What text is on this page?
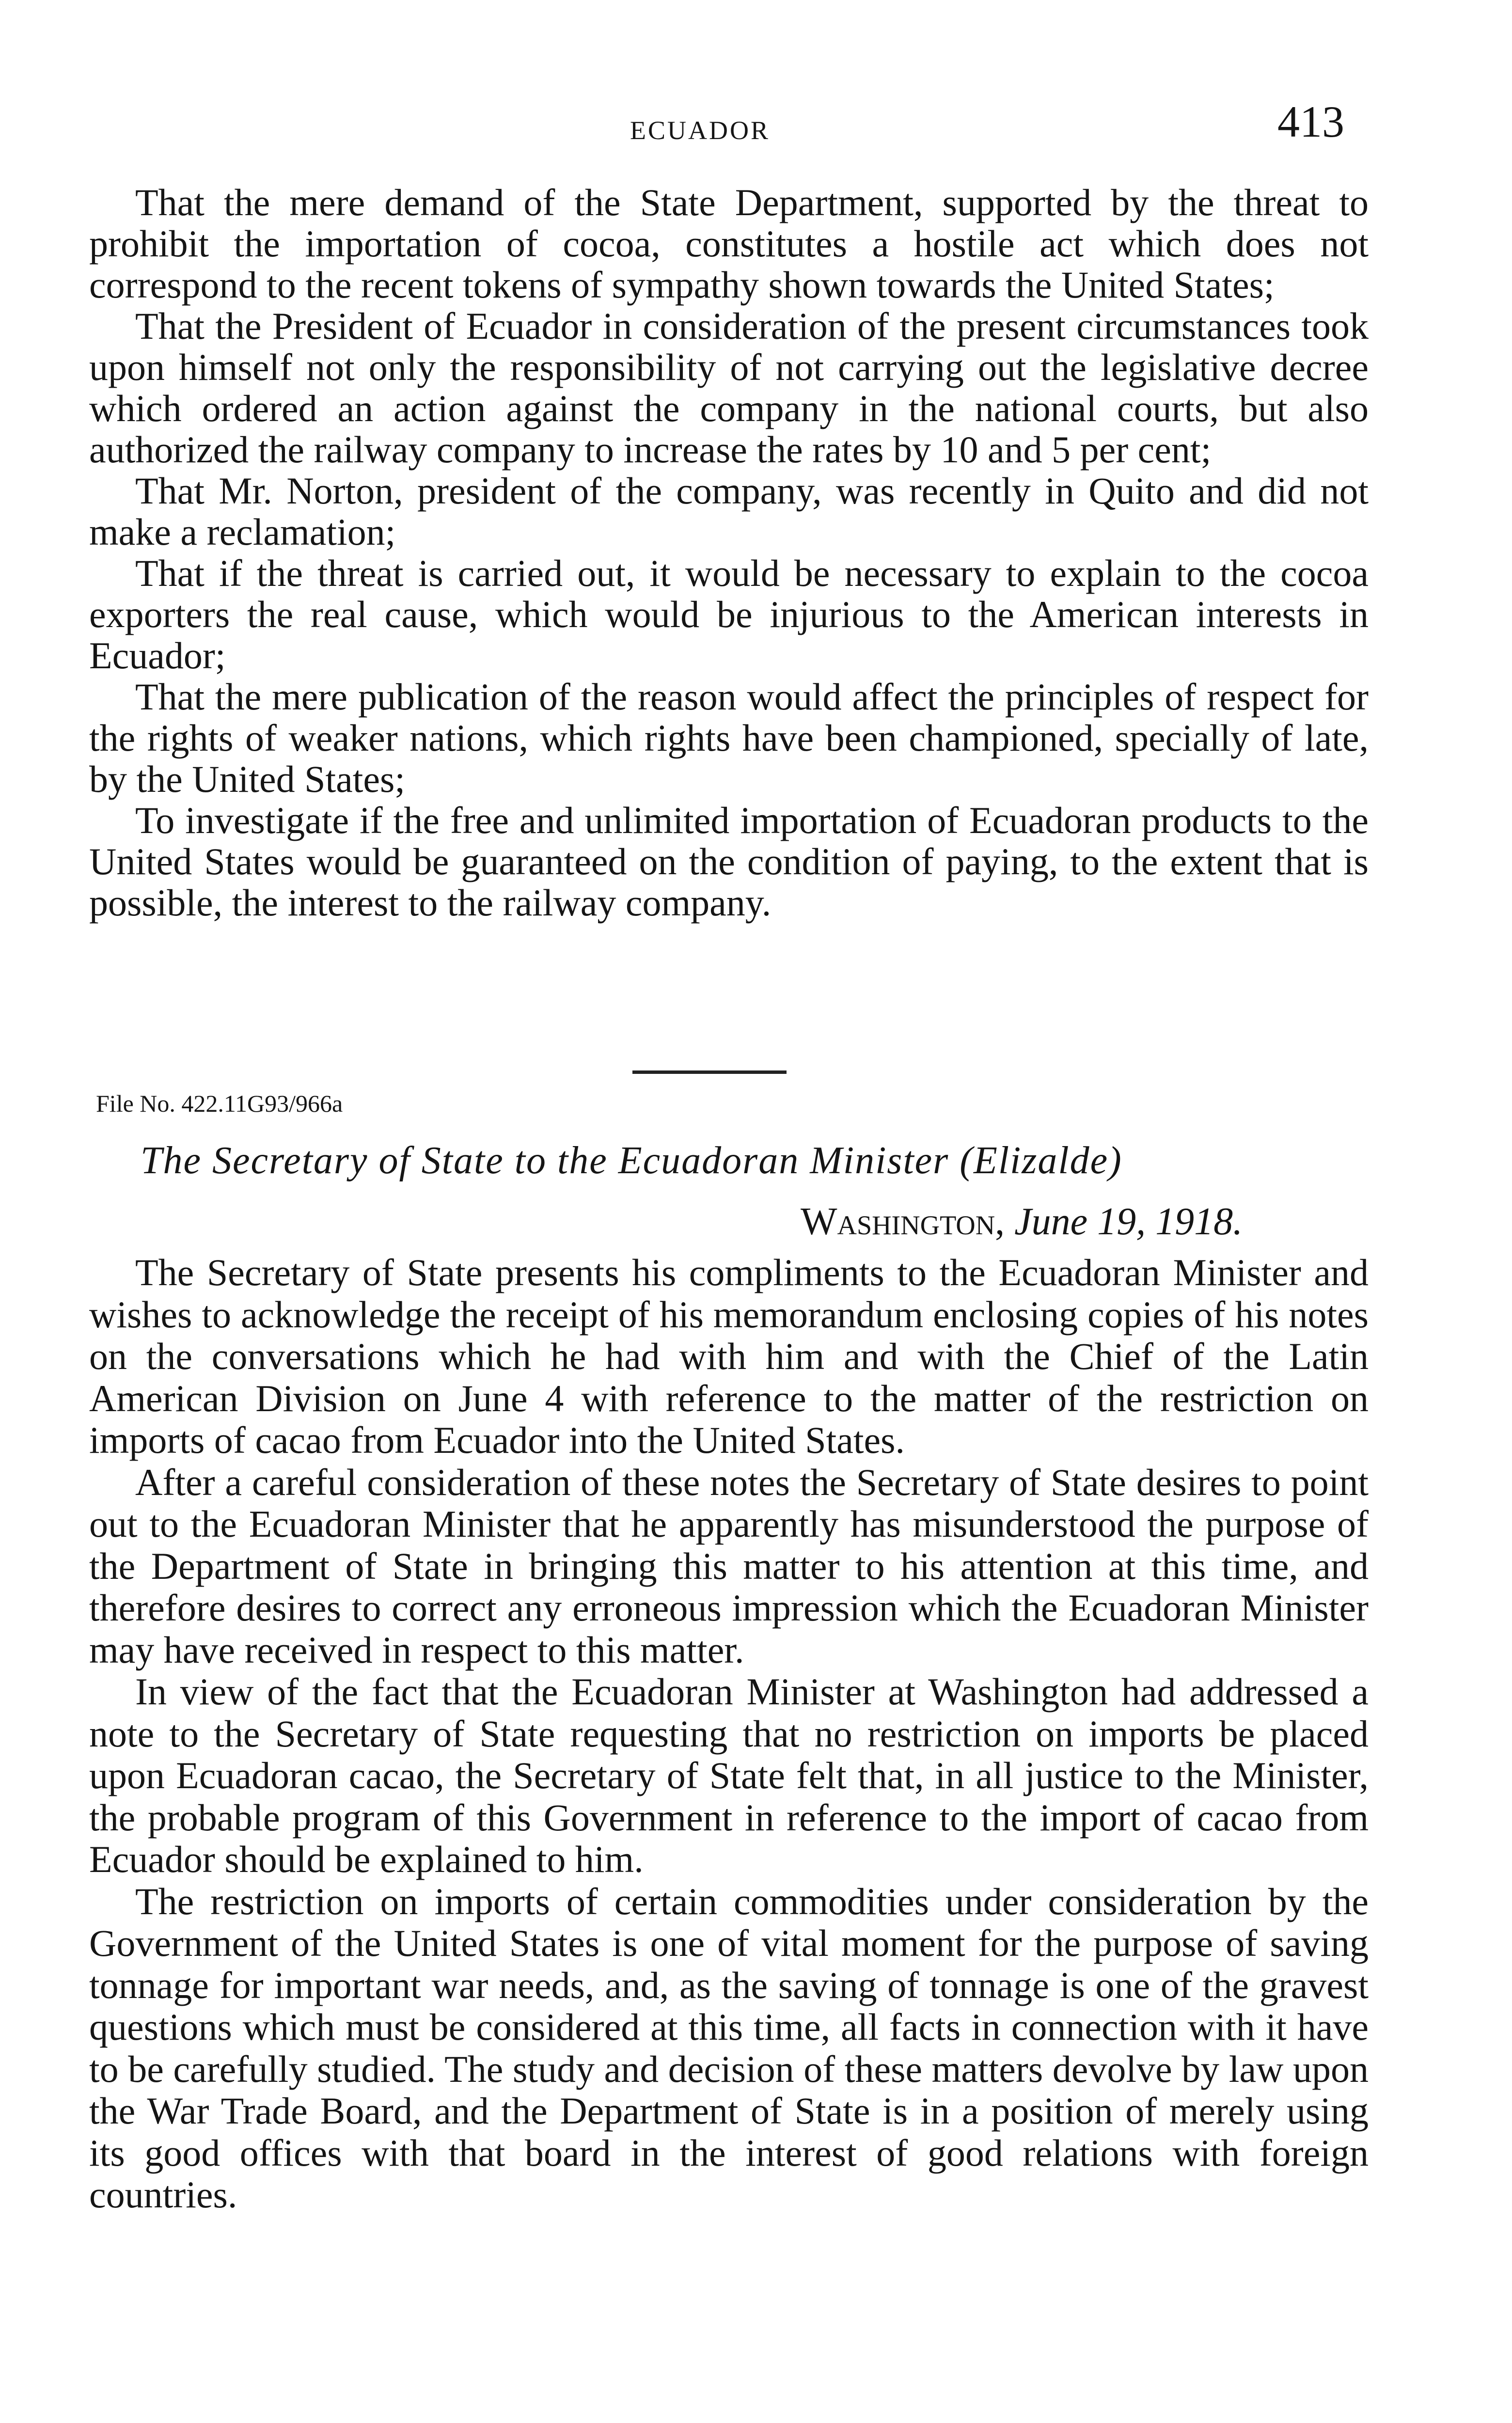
ECUADOR	413

That the mere demand of the State Department, supported by the threat to prohibit the importation of cocoa, constitutes a hostile act which does not correspond to the recent tokens of sympathy shown towards the United States;

That the President of Ecuador in consideration of the present circumstances took upon himself not only the responsibility of not carrying out the legislative decree which ordered an action against the company in the national courts, but also authorized the railway company to increase the rates by 10 and 5 per cent;

That Mr. Norton, president of the company, was recently in Quito and did not make a reclamation;

That if the threat is carried out, it would be necessary to explain to the cocoa exporters the real cause, which would be injurious to the American interests in Ecuador;

That the mere publication of the reason would affect the principles of respect for the rights of weaker nations, which rights have been championed, specially of late, by the United States;

To investigate if the free and unlimited importation of Ecuadoran products to the United States would be guaranteed on the condition of paying, to the extent that is possible, the interest to the railway company.

File No. 422.11G93/966a
The Secretary of State to the Ecuadoran Minister (Elizalde)
Washington, June 19, 1918.

The Secretary of State presents his compliments to the Ecuadoran Minister and wishes to acknowledge the receipt of his memorandum enclosing copies of his notes on the conversations which he had with him and with the Chief of the Latin American Division on June 4 with reference to the matter of the restriction on imports of cacao from Ecuador into the United States.

After a careful consideration of these notes the Secretary of State desires to point out to the Ecuadoran Minister that he apparently has misunderstood the purpose of the Department of State in bringing this matter to his attention at this time, and therefore desires to correct any erroneous impression which the Ecuadoran Minister may have received in respect to this matter.

In view of the fact that the Ecuadoran Minister at Washington had addressed a note to the Secretary of State requesting that no restriction on imports be placed upon Ecuadoran cacao, the Secretary of State felt that, in all justice to the Minister, the probable program of this Government in reference to the import of cacao from Ecuador should be explained to him.

The restriction on imports of certain commodities under consideration by the Government of the United States is one of vital moment for the purpose of saving tonnage for important war needs, and, as the saving of tonnage is one of the gravest questions which must be considered at this time, all facts in connection with it have to be carefully studied. The study and decision of these matters devolve by law upon the War Trade Board, and the Department of State is in a position of merely using its good offices with that board in the interest of good relations with foreign countries.
